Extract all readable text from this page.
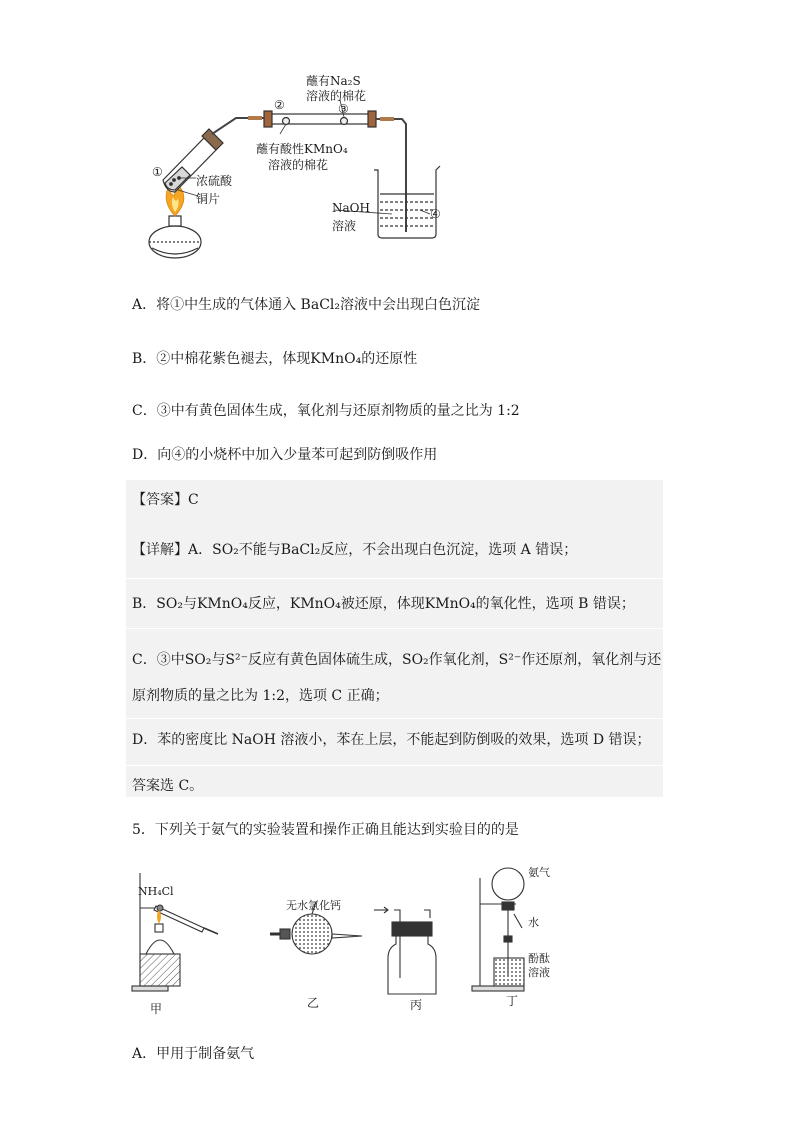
蘸有Na₂S
溶液的棉花
②	③
蘸有酸性KMnO₄
溶液的棉花
①
浓硫酸
铜片
NaOH
溶液
④
A．将①中生成的气体通入 BaCl₂溶液中会出现白色沉淀
B．②中棉花紫色褪去，体现KMnO₄的还原性
C．③中有黄色固体生成，氧化剂与还原剂物质的量之比为 1:2
D．向④的小烧杯中加入少量苯可起到防倒吸作用
【答案】C
【详解】A．SO₂不能与BaCl₂反应，不会出现白色沉淀，选项 A 错误；
B．SO₂与KMnO₄反应，KMnO₄被还原，体现KMnO₄的氧化性，选项 B 错误；
C．③中SO₂与S²⁻反应有黄色固体硫生成，SO₂作氧化剂，S²⁻作还原剂，氧化剂与还
原剂物质的量之比为 1:2，选项 C 正确；
D．苯的密度比 NaOH 溶液小，苯在上层，不能起到防倒吸的效果，选项 D 错误；
答案选 C。
5．下列关于氨气的实验装置和操作正确且能达到实验目的的是
NH₄Cl
无水氯化钙
氨气
水
酚酞
溶液
甲	乙	丙	丁
A．甲用于制备氨气
